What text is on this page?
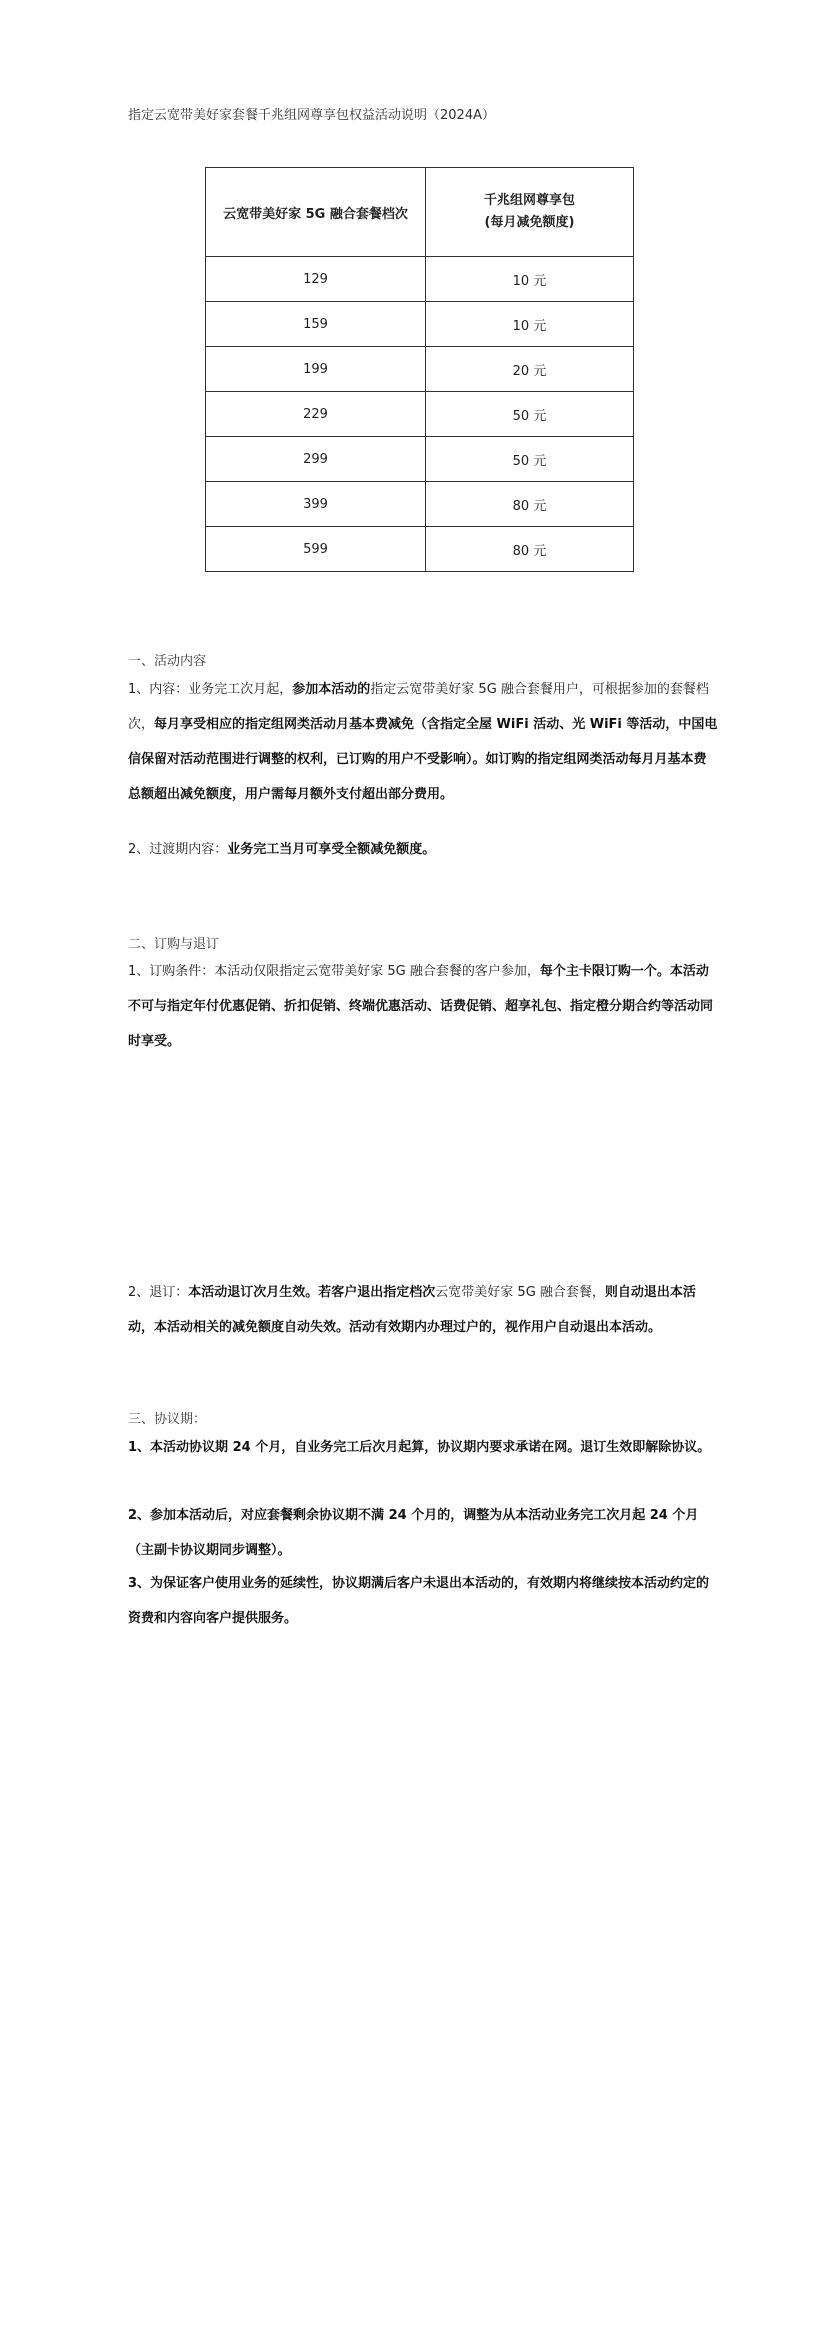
指定云宽带美好家套餐千兆组网尊享包权益活动说明（2024A）
云宽带美好家 5G 融合套餐档次	千兆组网尊享包
(每月减免额度)

129	10 元
159	10 元
199	20 元
229	50 元
299	50 元
399	80 元
599	80 元
一、活动内容
1、内容：业务完工次月起，参加本活动的指定云宽带美好家 5G 融合套餐用户，可根据参加的套餐档次，每月享受相应的指定组网类活动月基本费减免（含指定全屋 WiFi 活动、光 WiFi 等活动，中国电信保留对活动范围进行调整的权利，已订购的用户不受影响）。如订购的指定组网类活动每月月基本费总额超出减免额度，用户需每月额外支付超出部分费用。
2、过渡期内容：业务完工当月可享受全额减免额度。
二、订购与退订
1、订购条件：本活动仅限指定云宽带美好家 5G 融合套餐的客户参加，每个主卡限订购一个。本活动不可与指定年付优惠促销、折扣促销、终端优惠活动、话费促销、超享礼包、指定橙分期合约等活动同时享受。
2、退订：本活动退订次月生效。若客户退出指定档次云宽带美好家 5G 融合套餐，则自动退出本活动，本活动相关的减免额度自动失效。活动有效期内办理过户的，视作用户自动退出本活动。
三、协议期：
1、本活动协议期 24 个月，自业务完工后次月起算，协议期内要求承诺在网。退订生效即解除协议。
2、参加本活动后，对应套餐剩余协议期不满 24 个月的，调整为从本活动业务完工次月起 24 个月（主副卡协议期同步调整）。
3、为保证客户使用业务的延续性，协议期满后客户未退出本活动的，有效期内将继续按本活动约定的资费和内容向客户提供服务。
